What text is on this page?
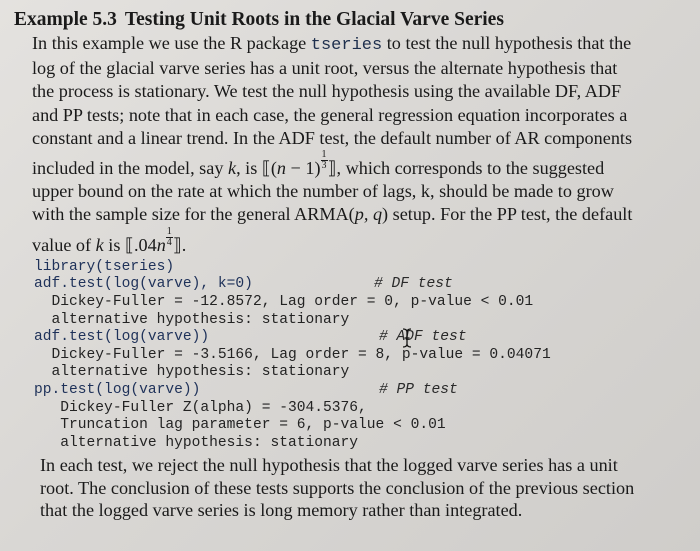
Example 5.3 Testing Unit Roots in the Glacial Varve Series
In this example we use the R package tseries to test the null hypothesis that the
log of the glacial varve series has a unit root, versus the alternate hypothesis that
the process is stationary. We test the null hypothesis using the available DF, ADF
and PP tests; note that in each case, the general regression equation incorporates a
constant and a linear trend. In the ADF test, the default number of AR components
included in the model, say k, is ⟦(n − $1) \frac{1}{3}$ ⟧, which corresponds to the suggested
upper bound on the rate at which the number of lags, k, should be made to grow
with the sample size for the general ARMA(p, q) setup. For the PP test, the default
value of k is ⟦.04n $\frac{1}{4}$ ⟧.
library(tseries)
adf.test(log(varve), k=0)	# DF test
Dickey-Fuller = -12.8572, Lag order = 0, p-value < 0.01
alternative hypothesis: stationary
adf.test(log(varve))	# ADF test
Dickey-Fuller = -3.5166, Lag order = 8, p-value = 0.04071
alternative hypothesis: stationary
pp.test(log(varve))	# PP test
Dickey-Fuller Z(alpha) = -304.5376,
Truncation lag parameter = 6, p-value < 0.01
alternative hypothesis: stationary
In each test, we reject the null hypothesis that the logged varve series has a unit
root. The conclusion of these tests supports the conclusion of the previous section
that the logged varve series is long memory rather than integrated.
